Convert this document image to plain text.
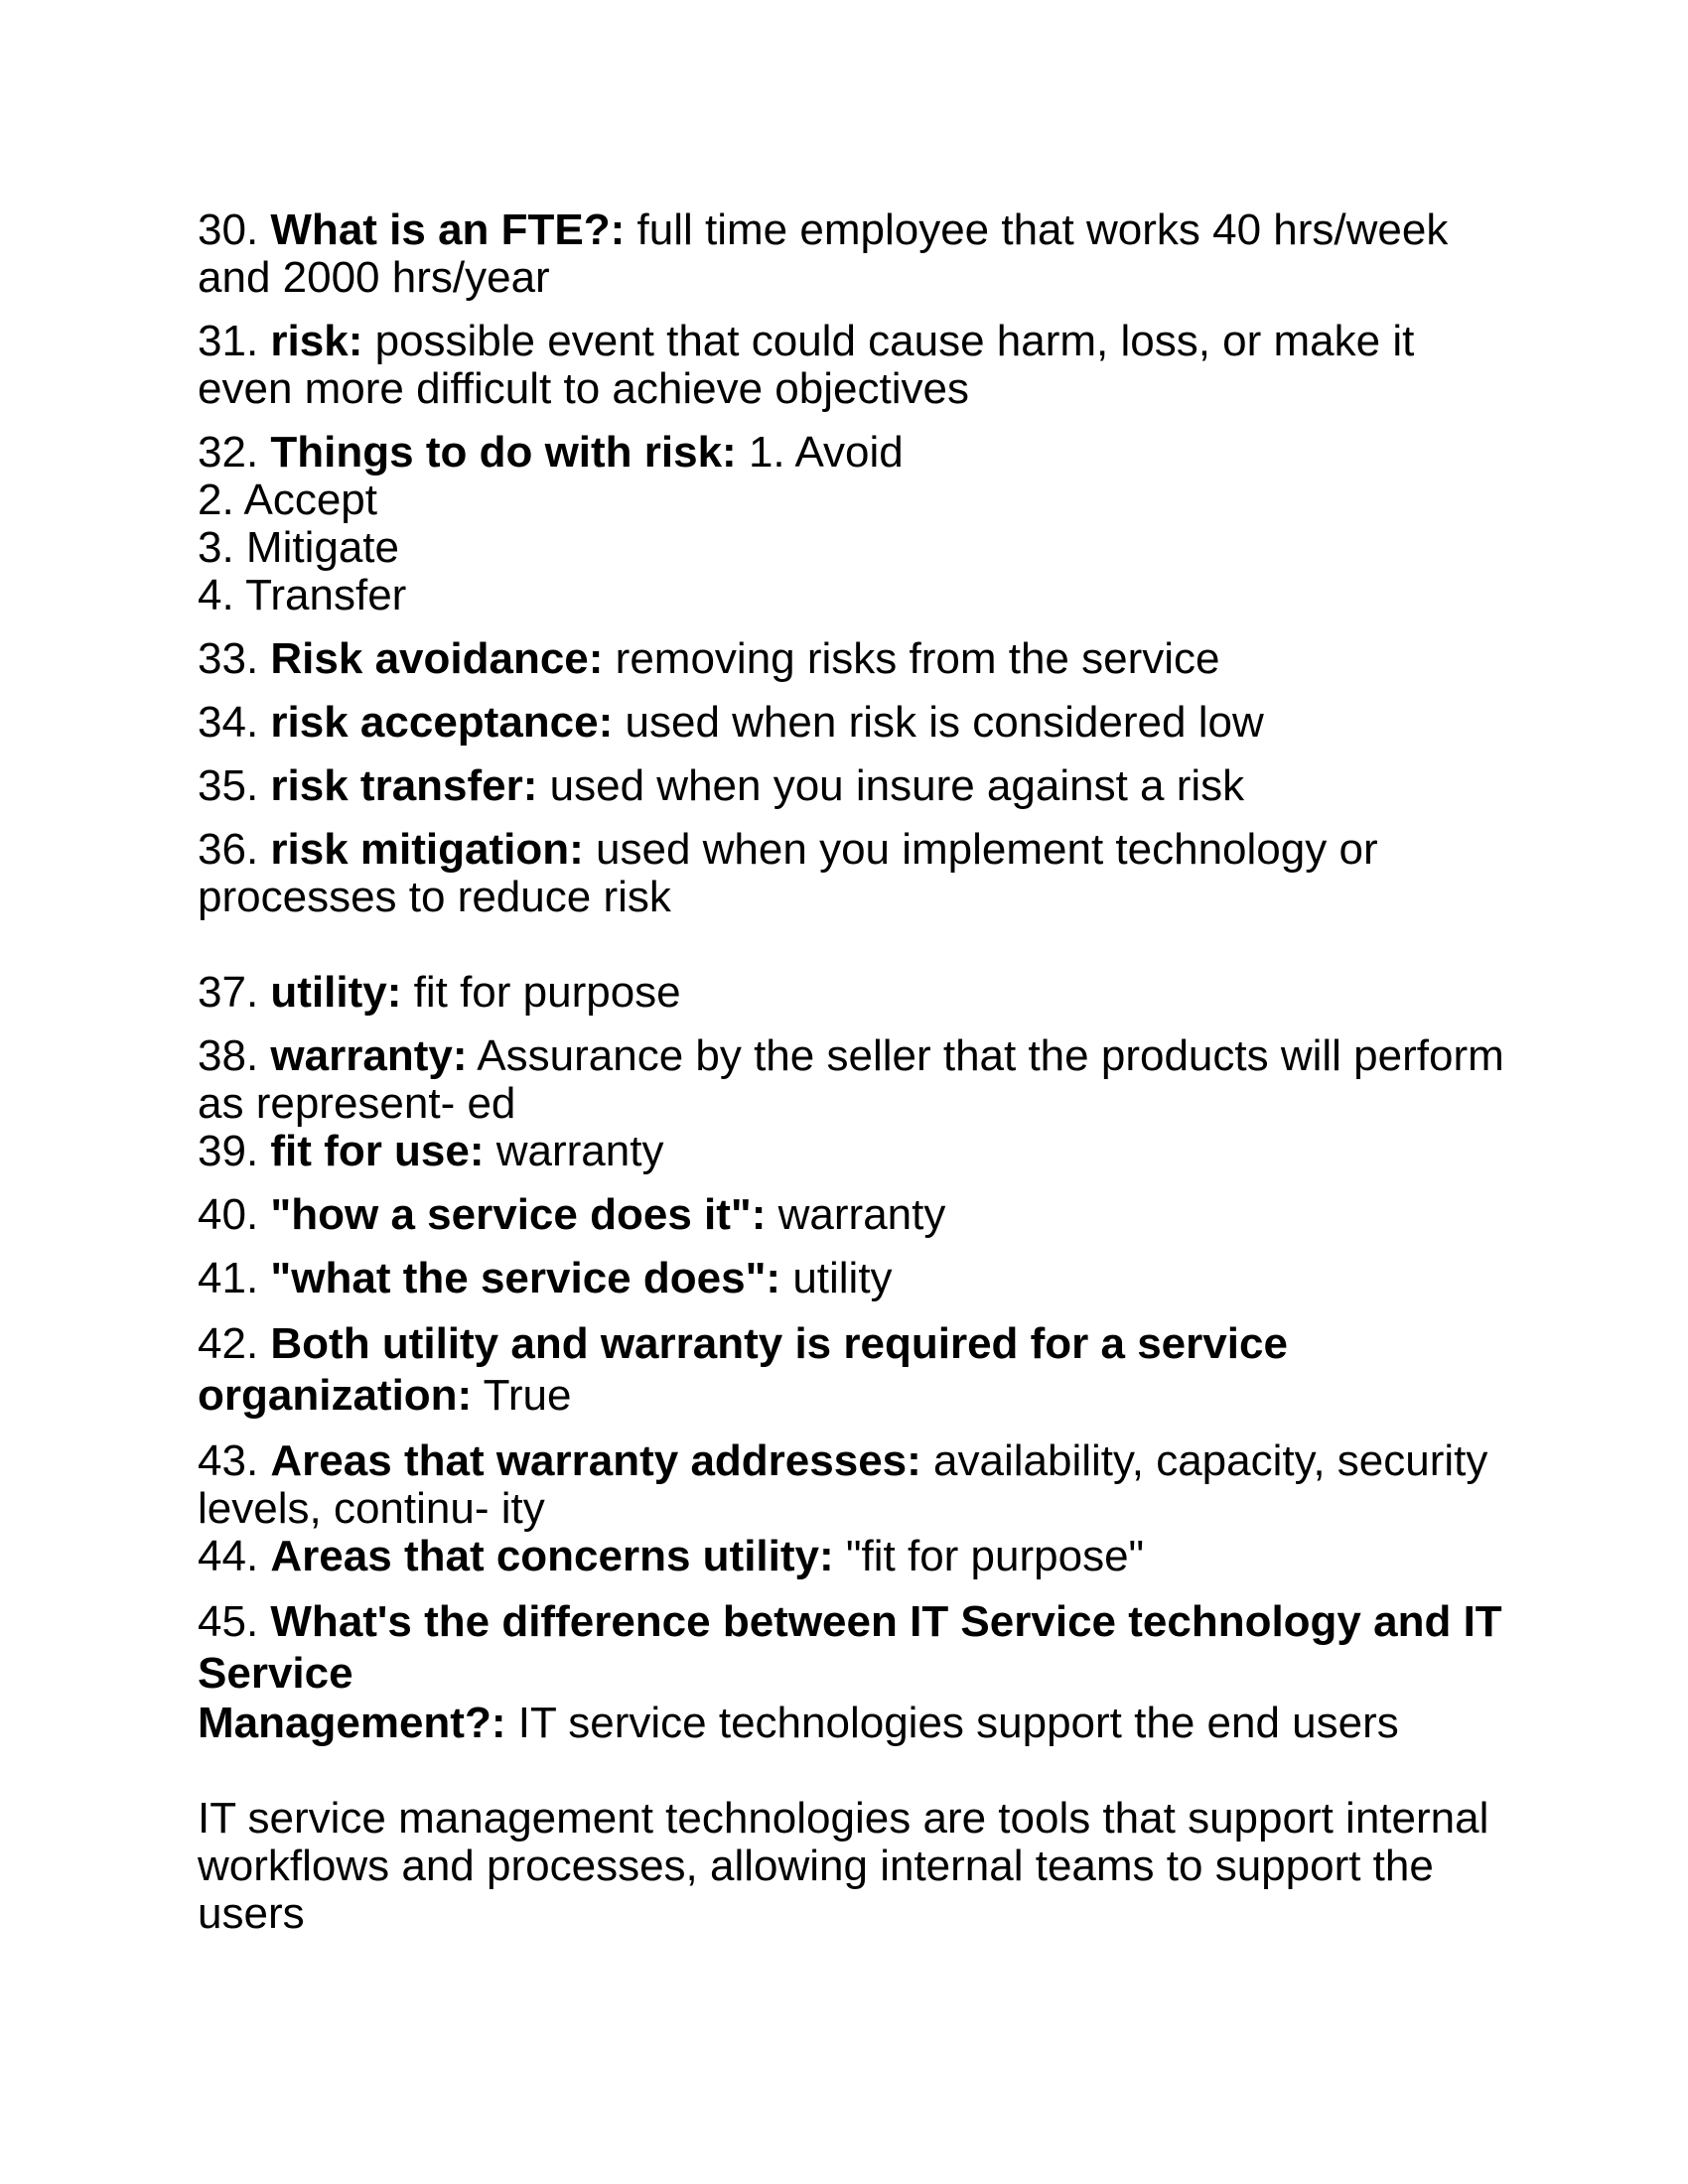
30. What is an FTE?: full time employee that works 40 hrs/week and 2000 hrs/year
31. risk: possible event that could cause harm, loss, or make it even more difficult to achieve objectives
32. Things to do with risk: 1. Avoid
2. Accept
3. Mitigate
4. Transfer
33. Risk avoidance: removing risks from the service
34. risk acceptance: used when risk is considered low
35. risk transfer: used when you insure against a risk
36. risk mitigation: used when you implement technology or processes to reduce risk
37. utility: fit for purpose
38. warranty: Assurance by the seller that the products will perform as represent- ed
39. fit for use: warranty
40. "how a service does it": warranty
41. "what the service does": utility
42. Both utility and warranty is required for a service organization: True
43. Areas that warranty addresses: availability, capacity, security levels, continu- ity
44. Areas that concerns utility: "fit for purpose"
45. What's the difference between IT Service technology and IT Service
Management?: IT service technologies support the end users
IT service management technologies are tools that support internal workflows and processes, allowing internal teams to support the users
